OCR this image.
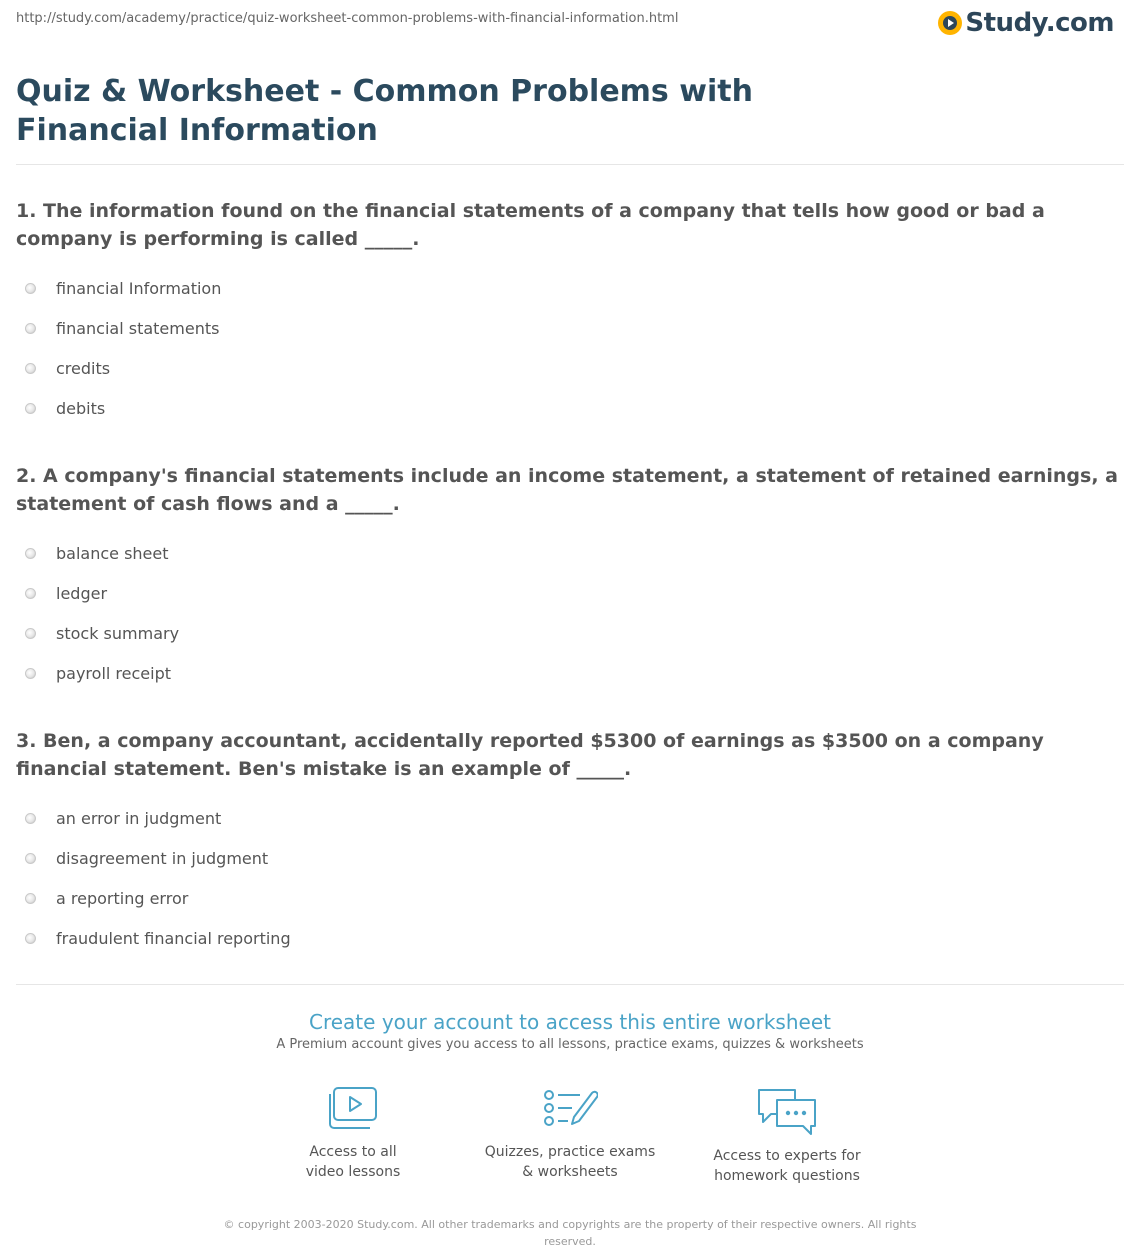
http://study.com/academy/practice/quiz-worksheet-common-problems-with-financial-information.html	Study.com
Quiz & Worksheet - Common Problems with Financial Information
1. The information found on the financial statements of a company that tells how good or bad a company is performing is called _____.
financial Information
financial statements
credits
debits
2. A company's financial statements include an income statement, a statement of retained earnings, a statement of cash flows and a _____.
balance sheet
ledger
stock summary
payroll receipt
3. Ben, a company accountant, accidentally reported $5300 of earnings as $3500 on a company financial statement. Ben's mistake is an example of _____.
an error in judgment
disagreement in judgment
a reporting error
fraudulent financial reporting
Create your account to access this entire worksheet
A Premium account gives you access to all lessons, practice exams, quizzes & worksheets
Access to all
video lessons
Quizzes, practice exams
& worksheets
Access to experts for
homework questions
© copyright 2003-2020 Study.com. All other trademarks and copyrights are the property of their respective owners. All rights reserved.
